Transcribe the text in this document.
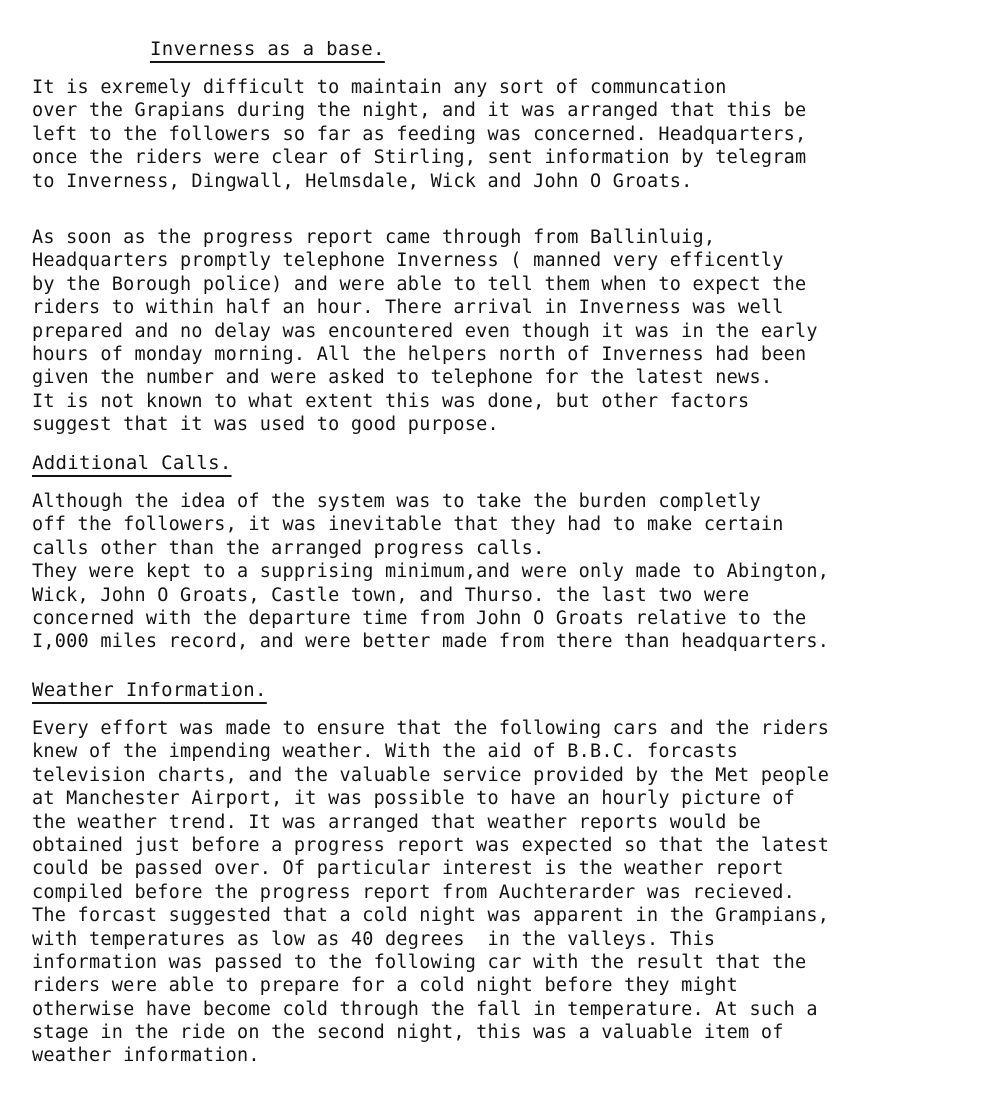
Inverness as a base.
It is exremely difficult to maintain any sort of communcation
over the Grapians during the night, and it was arranged that this be
left to the followers so far as feeding was concerned. Headquarters,
once the riders were clear of Stirling, sent information by telegram
to Inverness, Dingwall, Helmsdale, Wick and John O Groats.
As soon as the progress report came through from Ballinluig,
Headquarters promptly telephone Inverness ( manned very efficently
by the Borough police) and were able to tell them when to expect the
riders to within half an hour. There arrival in Inverness was well
prepared and no delay was encountered even though it was in the early
hours of monday morning. All the helpers north of Inverness had been
given the number and were asked to telephone for the latest news.
It is not known to what extent this was done, but other factors
suggest that it was used to good purpose.
Additional Calls.
Although the idea of the system was to take the burden completly
off the followers, it was inevitable that they had to make certain
calls other than the arranged progress calls.
They were kept to a supprising minimum,and were only made to Abington,
Wick, John O Groats, Castle town, and Thurso. the last two were
concerned with the departure time from John O Groats relative to the
I,000 miles record, and were better made from there than headquarters.
Weather Information.
Every effort was made to ensure that the following cars and the riders
knew of the impending weather. With the aid of B.B.C. forcasts
television charts, and the valuable service provided by the Met people
at Manchester Airport, it was possible to have an hourly picture of
the weather trend. It was arranged that weather reports would be
obtained just before a progress report was expected so that the latest
could be passed over. Of particular interest is the weather report
compiled before the progress report from Auchterarder was recieved.
The forcast suggested that a cold night was apparent in the Grampians,
with temperatures as low as 40 degrees  in the valleys. This
information was passed to the following car with the result that the
riders were able to prepare for a cold night before they might
otherwise have become cold through the fall in temperature. At such a
stage in the ride on the second night, this was a valuable item of
weather information.
